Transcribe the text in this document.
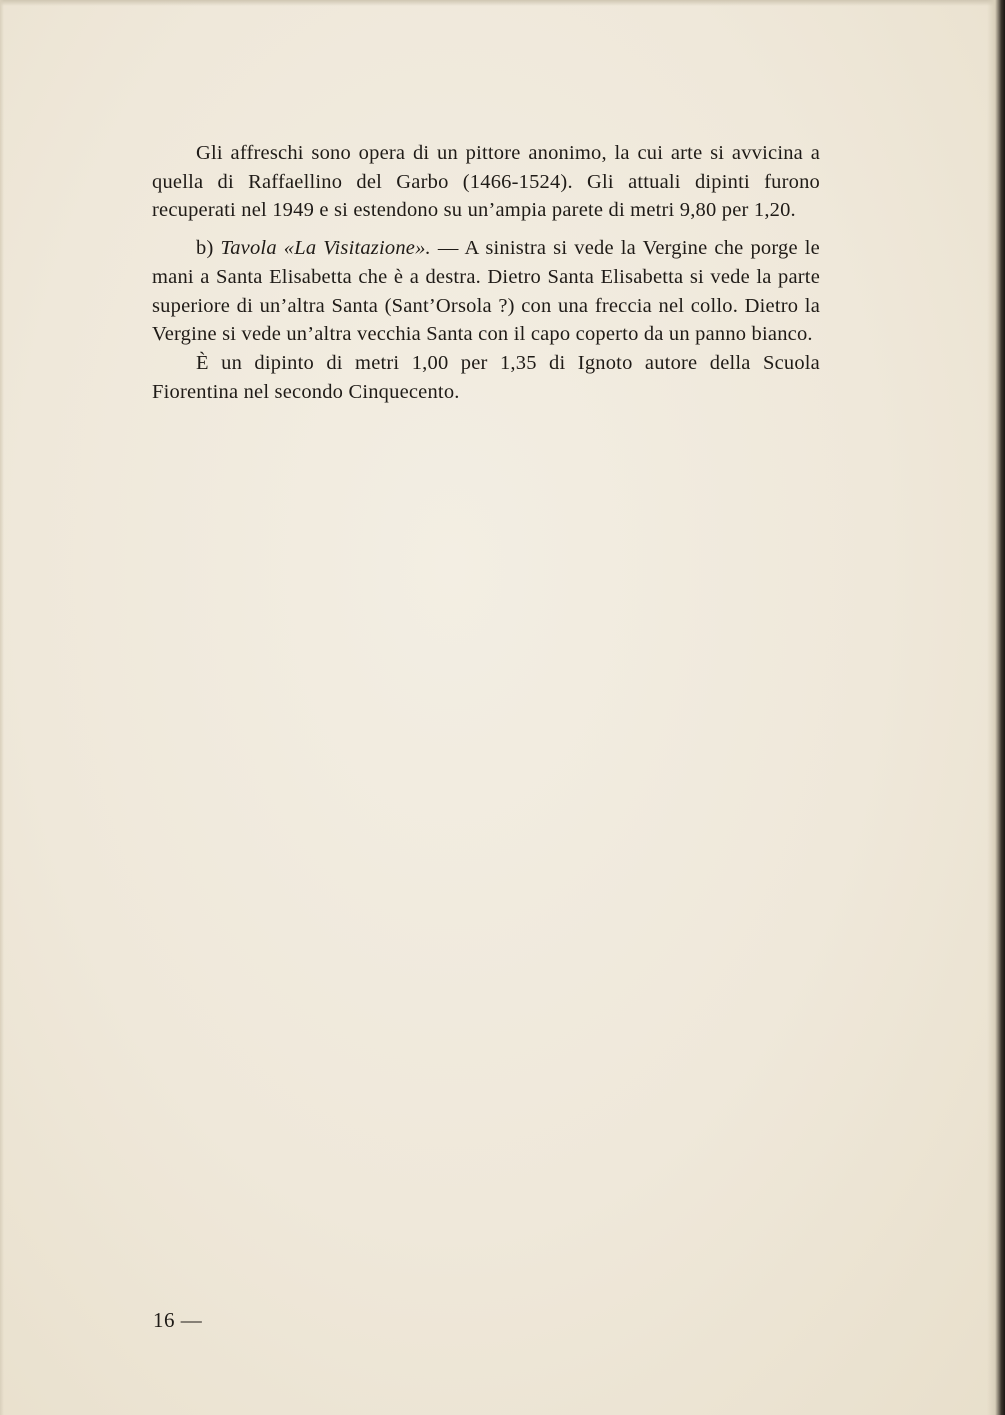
Gli affreschi sono opera di un pittore anonimo, la cui arte si avvicina a quella di Raffaellino del Garbo (1466-1524). Gli attuali dipinti furono recuperati nel 1949 e si estendono su un’ampia parete di metri 9,80 per 1,20.

b) Tavola «La Visitazione». — A sinistra si vede la Vergine che porge le mani a Santa Elisabetta che è a destra. Dietro Santa Elisabetta si vede la parte superiore di un’altra Santa (Sant’Orsola ?) con una freccia nel collo. Dietro la Vergine si vede un’altra vecchia Santa con il capo coperto da un panno bianco.

È un dipinto di metri 1,00 per 1,35 di Ignoto autore della Scuola Fiorentina nel secondo Cinquecento.

16 —
